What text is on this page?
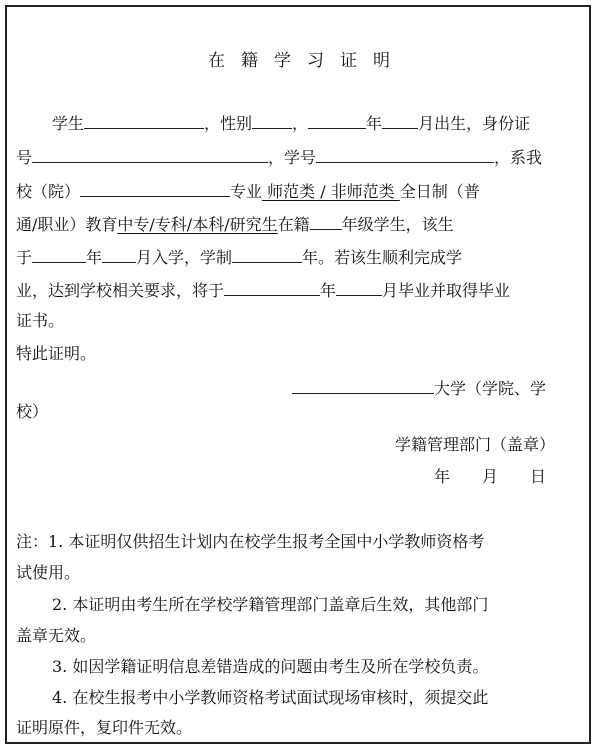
在籍学习证明
学生	，性别	，	年 月出生，身份证
号	，学号	，系我
校（院）	专业 师范类 / 非师范类 全日制（普
通/职业）教育中专/专科/本科/研究生在籍 年级学生，该生
于	年 月入学，学制	年。若该生顺利完成学
业，达到学校相关要求，将于	年	月毕业并取得毕业
证书。
特此证明。
大学（学院、学
校）
学籍管理部门（盖章）
年　　月　　日
注：1. 本证明仅供招生计划内在校学生报考全国中小学教师资格考
试使用。
2. 本证明由考生所在学校学籍管理部门盖章后生效，其他部门
盖章无效。
3. 如因学籍证明信息差错造成的问题由考生及所在学校负责。
4. 在校生报考中小学教师资格考试面试现场审核时，须提交此
证明原件，复印件无效。
